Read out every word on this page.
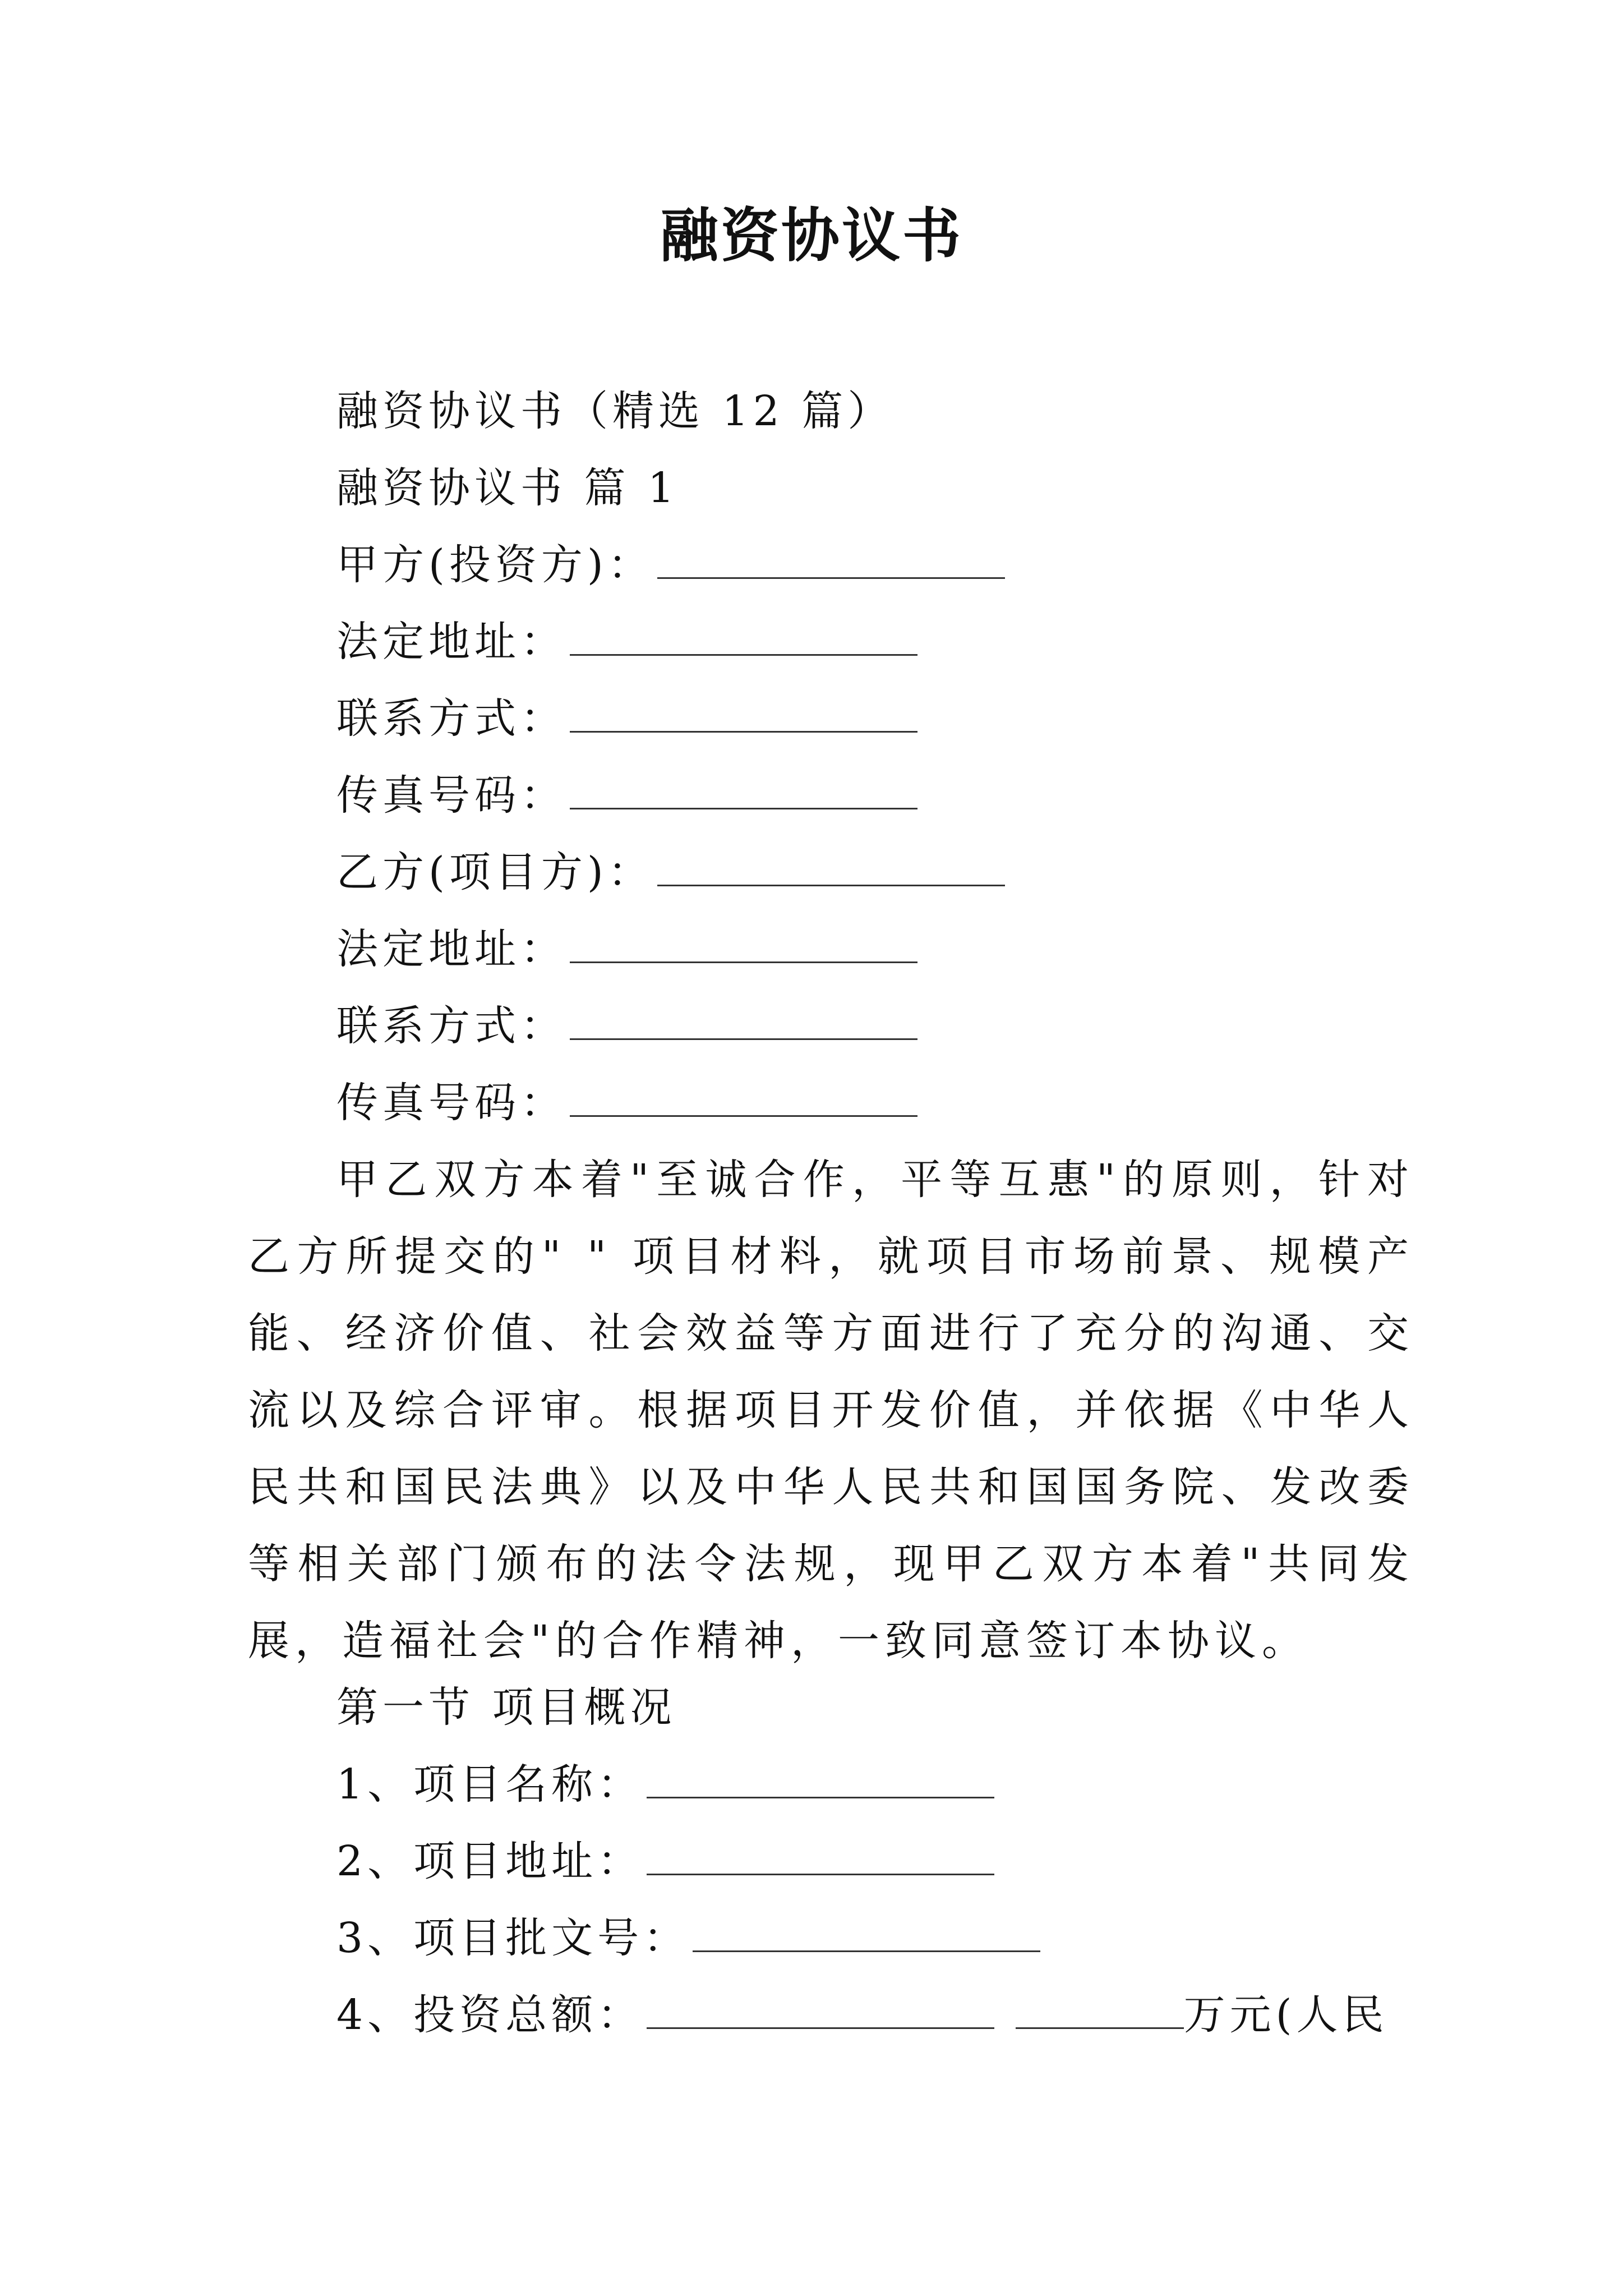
融资协议书
融资协议书（精选 12 篇）
融资协议书 篇 1
甲方(投资方)：
法定地址：
联系方式：
传真号码：
乙方(项目方)：
法定地址：
联系方式：
传真号码：
甲乙双方本着"至诚合作，平等互惠"的原则，针对乙方所提交的" " 项目材料，就项目市场前景、规模产能、经济价值、社会效益等方面进行了充分的沟通、交流以及综合评审。根据项目开发价值，并依据《中华人民共和国民法典》以及中华人民共和国国务院、发改委等相关部门颁布的法令法规，现甲乙双方本着"共同发展，造福社会"的合作精神，一致同意签订本协议。
第一节 项目概况
1、项目名称：
2、项目地址：
3、项目批文号：
4、投资总额：	万元(人民
